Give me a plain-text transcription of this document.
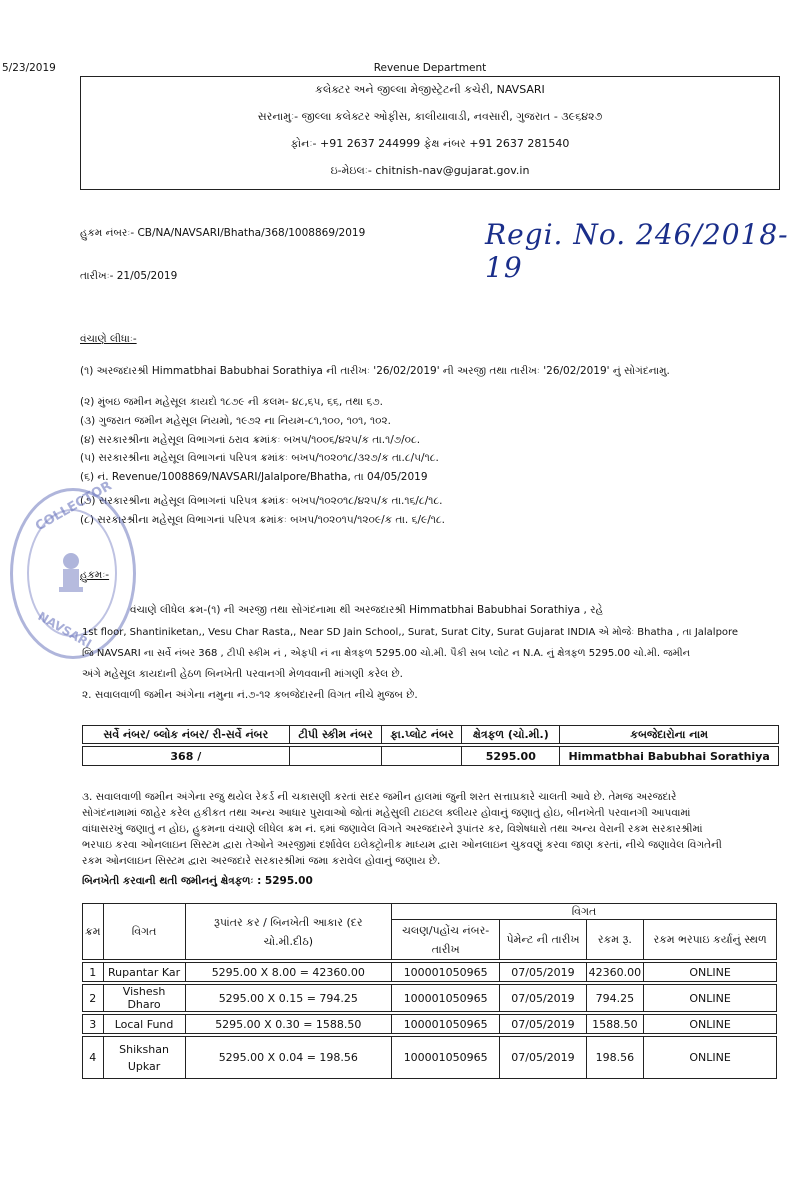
5/23/2019	Revenue Department
કલેક્ટર અને જીલ્લા મેજીસ્ટ્રેટની કચેરી, NAVSARI
સરનામુઃ- જીલ્લા કલેક્ટર ઓફીસ, કાલીયાવાડી, નવસારી, ગુજરાત - ૩૯૬૪૨૭
ફોનઃ- +91 2637 244999 ફેક્ષ નંબર +91 2637 281540
ઇ-મેઇલઃ- chitnish-nav@gujarat.gov.in
હુકમ નંબરઃ- CB/NA/NAVSARI/Bhatha/368/1008869/2019	Regi. No. 246/2018-19
તારીખઃ- 21/05/2019
વંચાણે લીધાઃ-
(૧) અરજદારશ્રી Himmatbhai Babubhai Sorathiya ની તારીખઃ '26/02/2019' ની અરજી તથા તારીખઃ '26/02/2019' નું સોગંદનામુ.
(૨) મુંબઇ જમીન મહેસૂલ કાયદો ૧૮૭૯ ની કલમ- ૪૮,૬૫, ૬૬, તથા ૬૭.
(૩) ગુજરાત જમીન મહેસૂલ નિયમો, ૧૯૭૨ ના નિયમ-૮૧,૧૦૦, ૧૦૧, ૧૦૨.
(૪) સરકારશ્રીના મહેસૂલ વિભાગનાં ઠરાવ ક્રમાંકઃ બખપ/૧૦૦૬/૪૨૫/ક તા.૧/૭/૦૮.
(૫) સરકારશ્રીના મહેસૂલ વિભાગનાં પરિપત્ર ક્રમાંકઃ બખપ/૧૦૨૦૧૮/૩૨૭/ક તા.૮/૫/૧૮.
(૬) નં. Revenue/1008869/NAVSARI/Jalalpore/Bhatha, તા 04/05/2019
(૭) સરકારશ્રીના મહેસૂલ વિભાગનાં પરિપત્ર ક્રમાંકઃ બખપ/૧૦૨૦૧૮/૪૨૫/ક તા.૧૬/૮/૧૮.
(૮) સરકારશ્રીના મહેસૂલ વિભાગનાં પરિપત્ર ક્રમાંકઃ બખપ/૧૦૨૦૧૫/૧૨૦૯/ક તા. ૬/૯/૧૮.
COLLECTOR
NAVSARI
હુકમઃ-
વંચાણે લીધેલ ક્રમ-(૧) ની અરજી તથા સોગંદનામા થી અરજદારશ્રી Himmatbhai Babubhai Sorathiya , રહે
1st floor, Shantiniketan,, Vesu Char Rasta,, Near SD Jain School,, Surat, Surat City, Surat Gujarat INDIA એ મોજેઃ Bhatha , તા Jalalpore
જિ NAVSARI ના સર્વે નંબર 368 , ટીપી સ્કીમ નં , એફપી નં ના ક્ષેત્રફળ 5295.00 ચો.મી. પૈકી સબ પ્લોટ ન N.A. નું ક્ષેત્રફળ 5295.00 ચો.મી. જમીન
અંગે મહેસૂલ કાયદાની હેઠળ બિનખેતી પરવાનગી મેળવવાની માંગણી કરેલ છે.
૨. સવાલવાળી જમીન અંગેના નમુના નં.૭-૧૨ કબજેદારની વિગત નીચે મુજબ છે.
સર્વે નંબર/ બ્લોક નંબર/ રી-સર્વે નંબર	ટીપી સ્કીમ નંબર	ફા.પ્લોટ નંબર	ક્ષેત્રફળ (ચો.મી.)	કબજેદારોના નામ

368 /			5295.00	Himmatbhai Babubhai Sorathiya
૩. સવાલવાળી જમીન અંગેના રજુ થયેલ રેકર્ડ ની ચકાસણી કરતાં સદર જમીન હાલમાં જુની શરત સત્તાપ્રકારે ચાલતી આવે છે. તેમજ અરજદારે
સોગંદનામામાં જાહેર કરેલ હકીકત તથા અન્ય આધાર પુરાવાઓ જોતાં મહેસુલી ટાઇટલ ક્લીયર હોવાનું જણાતું હોઇ, બીનખેતી પરવાનગી આપવામાં
વાંધાસરખું જણાતું ન હોઇ, હુકમના વંચાણે લીધેલ ક્રમ નં. ૬માં જણાવેલ વિગતે અરજદારને રૂપાંતર કર, વિશેષધારો તથા અન્ય વેરાની રકમ સરકારશ્રીમાં
ભરપાઇ કરવા ઓનલાઇન સિસ્ટમ દ્વારા તેઓને અરજીમાં દર્શાવેલ ઇલેક્ટ્રોનીક માધ્યમ દ્વારા ઓનલાઇન ચુકવણું કરવા જાણ કરતાં, નીચે જણાવેલ વિગતેની
રકમ ઓનલાઇન સિસ્ટમ દ્વારા અરજદારે સરકારશ્રીમાં જમા કરાવેલ હોવાનું જણાય છે.
બિનખેતી કરવાની થતી જમીનનું ક્ષેત્રફળઃ : 5295.00
ક્રમ	વિગત	રૂપાંતર કર / બિનખેતી આકાર (દર ચો.મી.દીઠ)	વિગત			
			ચલણ/પહોંચ નંબર-તારીખ	પેમેન્ટ ની તારીખ	રકમ રૂ.	રકમ ભરપાઇ કર્યાનું સ્થળ

1	Rupantar Kar	5295.00 X 8.00 = 42360.00	100001050965	07/05/2019	42360.00	ONLINE

2	Vishesh Dharo	5295.00 X 0.15 = 794.25	100001050965	07/05/2019	794.25	ONLINE

3	Local Fund	5295.00 X 0.30 = 1588.50	100001050965	07/05/2019	1588.50	ONLINE

4	Shikshan Upkar	5295.00 X 0.04 = 198.56	100001050965	07/05/2019	198.56	ONLINE
